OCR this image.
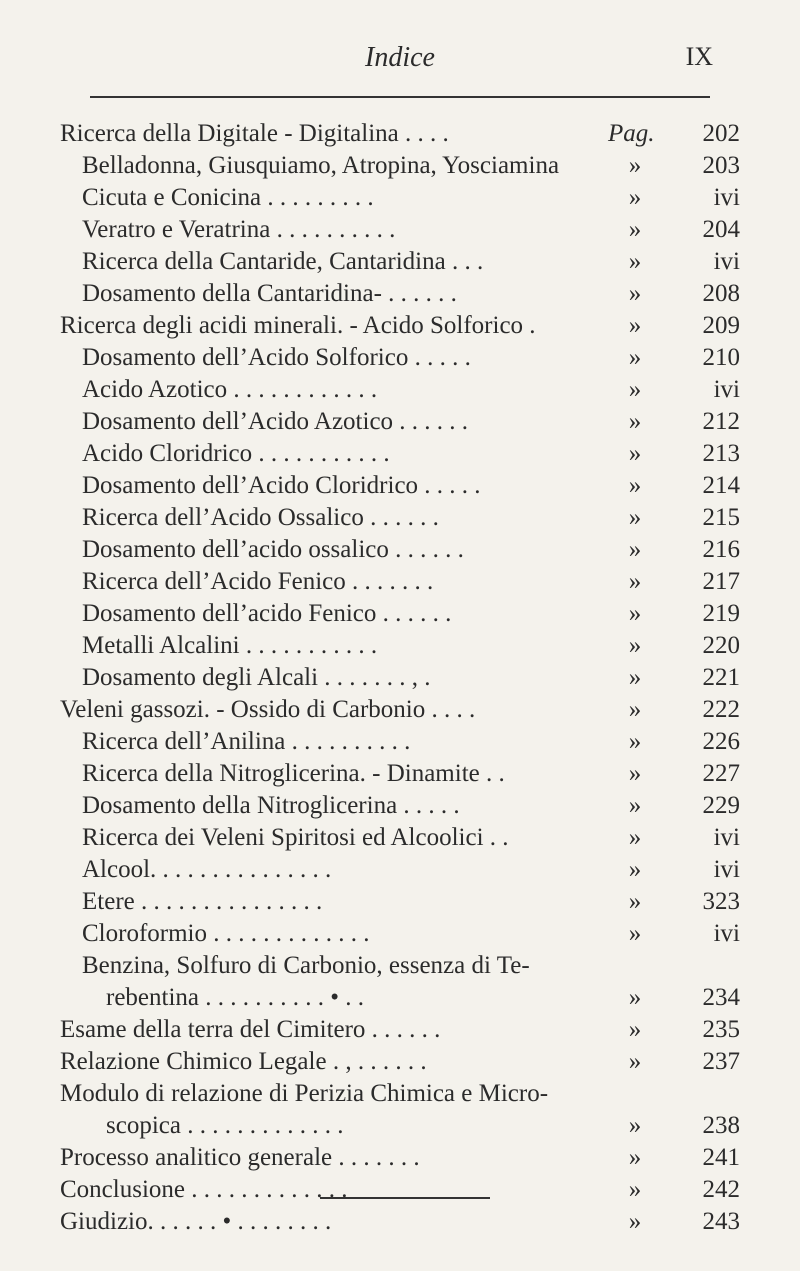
Indice	IX
Ricerca della Digitale - Digitalina . . . .	Pag.	202
Belladonna, Giusquiamo, Atropina, Yosciamina	»	203
Cicuta e Conicina . . . . . . . . .	»	ivi
Veratro e Veratrina . . . . . . . . . .	»	204
Ricerca della Cantaride, Cantaridina . . .	»	ivi
Dosamento della Cantaridina- . . . . . .	»	208
Ricerca degli acidi minerali. - Acido Solforico .	»	209
Dosamento dell’Acido Solforico . . . . .	»	210
Acido Azotico . . . . . . . . . . . .	»	ivi
Dosamento dell’Acido Azotico . . . . . .	»	212
Acido Cloridrico . . . . . . . . . . .	»	213
Dosamento dell’Acido Cloridrico . . . . .	»	214
Ricerca dell’Acido Ossalico . . . . . .	»	215
Dosamento dell’acido ossalico . . . . . .	»	216
Ricerca dell’Acido Fenico . . . . . . .	»	217
Dosamento dell’acido Fenico . . . . . .	»	219
Metalli Alcalini . . . . . . . . . . .	»	220
Dosamento degli Alcali . . . . . . . , .	»	221
Veleni gassozi. - Ossido di Carbonio . . . .	»	222
Ricerca dell’Anilina . . . . . . . . . .	»	226
Ricerca della Nitroglicerina. - Dinamite . .	»	227
Dosamento della Nitroglicerina . . . . .	»	229
Ricerca dei Veleni Spiritosi ed Alcoolici . .	»	ivi
Alcool. . . . . . . . . . . . . . .	»	ivi
Etere . . . . . . . . . . . . . . .	»	323
Cloroformio . . . . . . . . . . . . .	»	ivi
Benzina, Solfuro di Carbonio, essenza di Te-
rebentina . . . . . . . . . . • . .	»	234
Esame della terra del Cimitero . . . . . .	»	235
Relazione Chimico Legale . , . . . . . .	»	237
Modulo di relazione di Perizia Chimica e Micro-
scopica . . . . . . . . . . . . .	»	238
Processo analitico generale . . . . . . .	»	241
Conclusione . . . . . . . . . . . . .	»	242
Giudizio. . . . . . • . . . . . . . .	»	243
